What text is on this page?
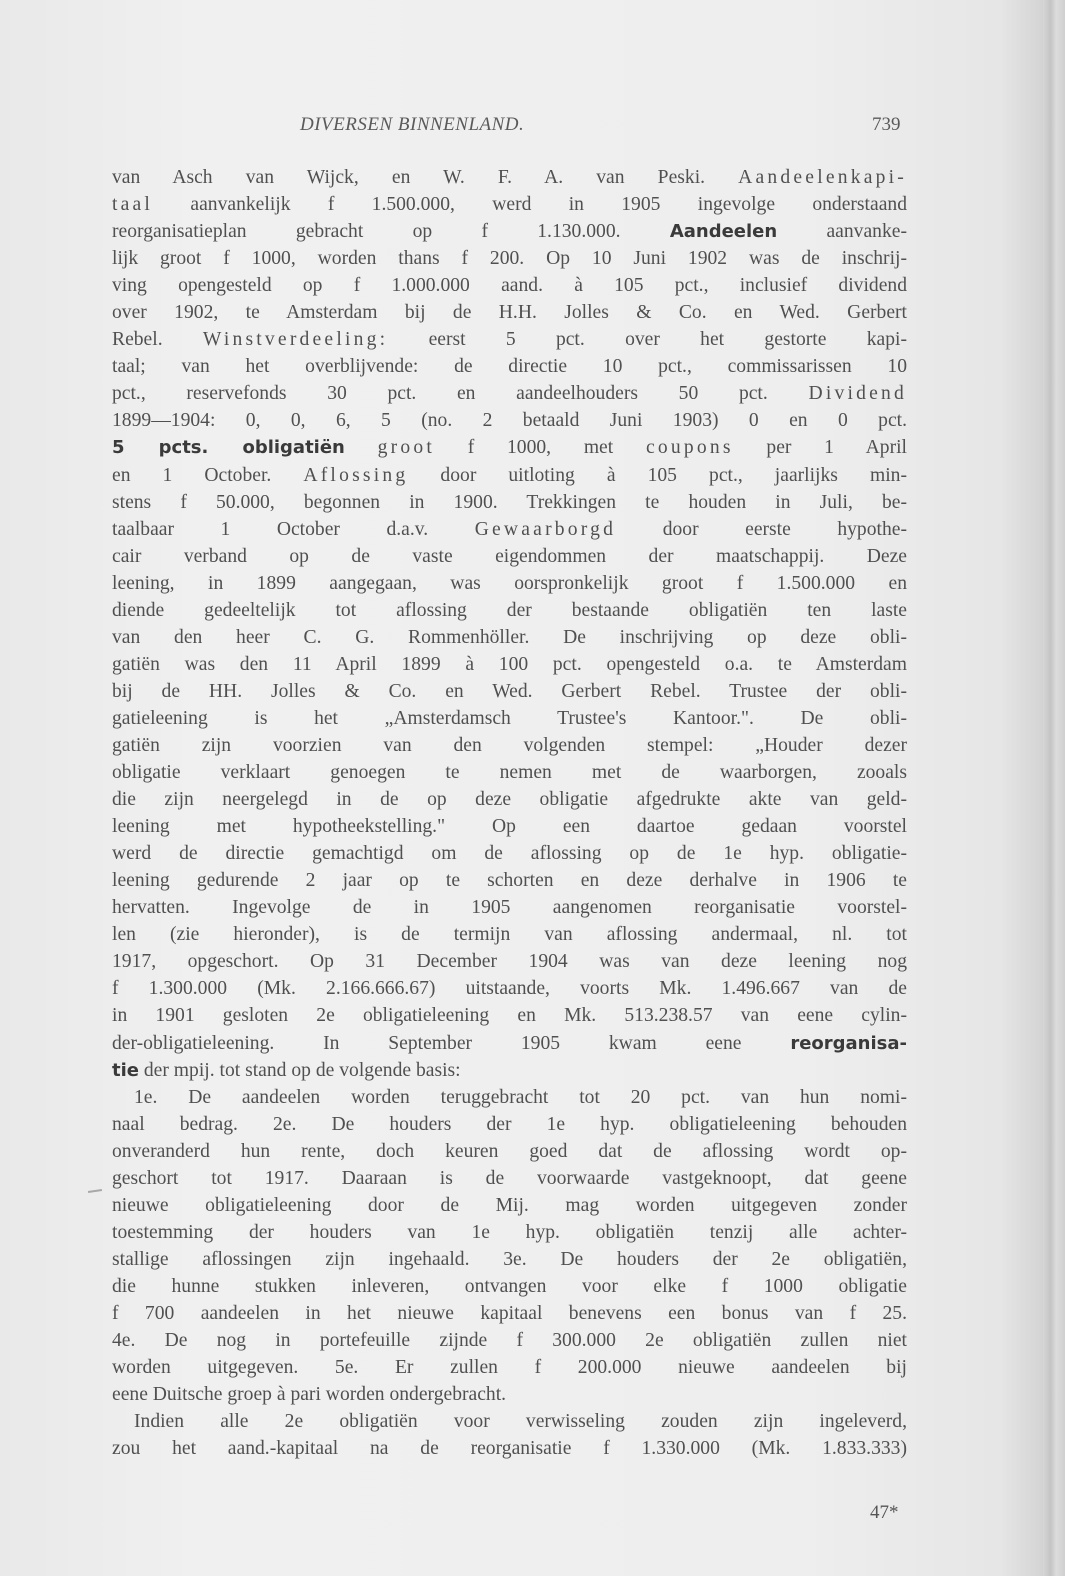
DIVERSEN BINNENLAND.	739
van Asch van Wijck, en W. F. A. van Peski. Aandeelenkapi-
taal aanvankelijk f 1.500.000, werd in 1905 ingevolge onderstaand
reorganisatieplan gebracht op f 1.130.000. Aandeelen aanvanke-
lijk groot f 1000, worden thans f 200. Op 10 Juni 1902 was de inschrij-
ving opengesteld op f 1.000.000 aand. à 105 pct., inclusief dividend
over 1902, te Amsterdam bij de H.H. Jolles & Co. en Wed. Gerbert
Rebel. Winstverdeeling: eerst 5 pct. over het gestorte kapi-
taal; van het overblijvende: de directie 10 pct., commissarissen 10
pct., reservefonds 30 pct. en aandeelhouders 50 pct. Dividend
1899—1904: 0, 0, 6, 5 (no. 2 betaald Juni 1903) 0 en 0 pct.
5 pcts. obligatiën groot f 1000, met coupons per 1 April
en 1 October. Aflossing door uitloting à 105 pct., jaarlijks min-
stens f 50.000, begonnen in 1900. Trekkingen te houden in Juli, be-
taalbaar 1 October d.a.v. Gewaarborgd door eerste hypothe-
cair verband op de vaste eigendommen der maatschappij. Deze
leening, in 1899 aangegaan, was oorspronkelijk groot f 1.500.000 en
diende gedeeltelijk tot aflossing der bestaande obligatiën ten laste
van den heer C. G. Rommenhöller. De inschrijving op deze obli-
gatiën was den 11 April 1899 à 100 pct. opengesteld o.a. te Amsterdam
bij de HH. Jolles & Co. en Wed. Gerbert Rebel. Trustee der obli-
gatieleening is het „Amsterdamsch Trustee's Kantoor.". De obli-
gatiën zijn voorzien van den volgenden stempel: „Houder dezer
obligatie verklaart genoegen te nemen met de waarborgen, zooals
die zijn neergelegd in de op deze obligatie afgedrukte akte van geld-
leening met hypotheekstelling." Op een daartoe gedaan voorstel
werd de directie gemachtigd om de aflossing op de 1e hyp. obligatie-
leening gedurende 2 jaar op te schorten en deze derhalve in 1906 te
hervatten. Ingevolge de in 1905 aangenomen reorganisatie voorstel-
len (zie hieronder), is de termijn van aflossing andermaal, nl. tot
1917, opgeschort. Op 31 December 1904 was van deze leening nog
f 1.300.000 (Mk. 2.166.666.67) uitstaande, voorts Mk. 1.496.667 van de
in 1901 gesloten 2e obligatieleening en Mk. 513.238.57 van eene cylin-
der-obligatieleening. In September 1905 kwam eene reorganisa-
tie der mpij. tot stand op de volgende basis:
1e. De aandeelen worden teruggebracht tot 20 pct. van hun nomi-
naal bedrag. 2e. De houders der 1e hyp. obligatieleening behouden
onveranderd hun rente, doch keuren goed dat de aflossing wordt op-
geschort tot 1917. Daaraan is de voorwaarde vastgeknoopt, dat geene
nieuwe obligatieleening door de Mij. mag worden uitgegeven zonder
toestemming der houders van 1e hyp. obligatiën tenzij alle achter-
stallige aflossingen zijn ingehaald. 3e. De houders der 2e obligatiën,
die hunne stukken inleveren, ontvangen voor elke f 1000 obligatie
f 700 aandeelen in het nieuwe kapitaal benevens een bonus van f 25.
4e. De nog in portefeuille zijnde f 300.000 2e obligatiën zullen niet
worden uitgegeven. 5e. Er zullen f 200.000 nieuwe aandeelen bij
eene Duitsche groep à pari worden ondergebracht.
Indien alle 2e obligatiën voor verwisseling zouden zijn ingeleverd,
zou het aand.-kapitaal na de reorganisatie f 1.330.000 (Mk. 1.833.333)
47*
